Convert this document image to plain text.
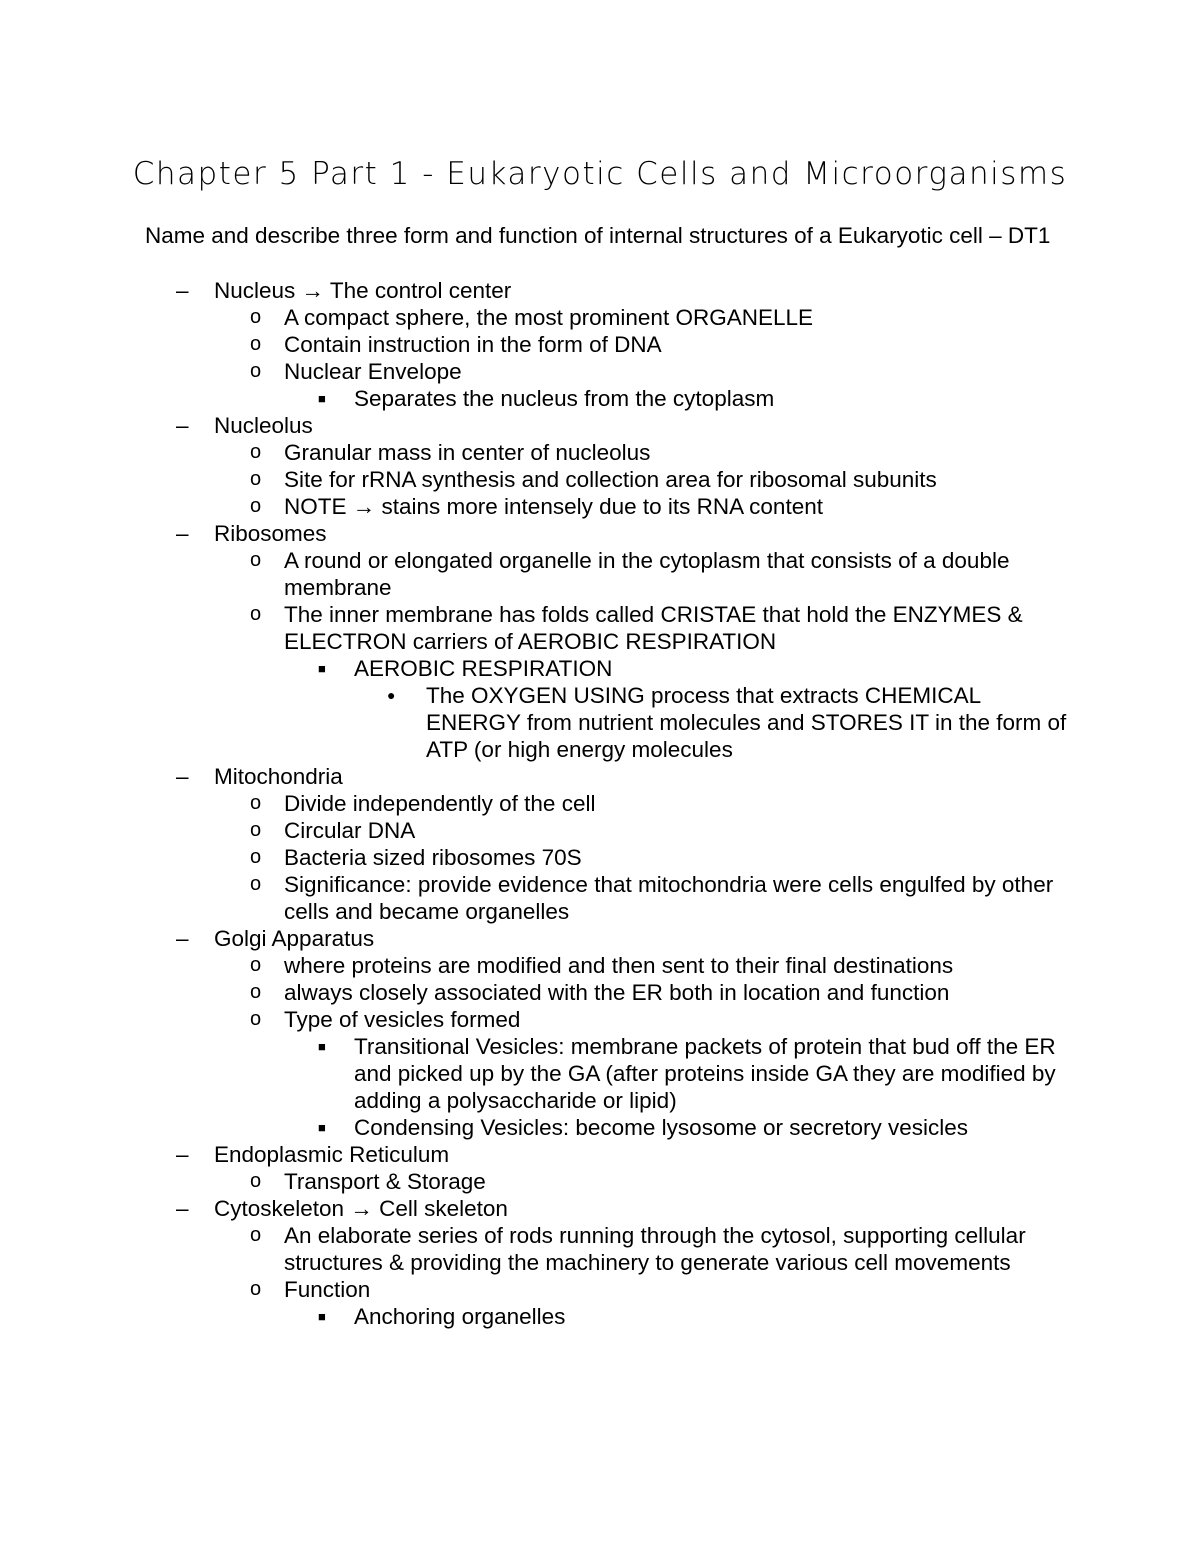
Chapter 5 Part 1 - Eukaryotic Cells and Microorganisms

Name and describe three form and function of internal structures of a Eukaryotic cell – DT1

– Nucleus → The control center
o A compact sphere, the most prominent ORGANELLE
o Contain instruction in the form of DNA
o Nuclear Envelope
■ Separates the nucleus from the cytoplasm
– Nucleolus
o Granular mass in center of nucleolus
o Site for rRNA synthesis and collection area for ribosomal subunits
o NOTE → stains more intensely due to its RNA content
– Ribosomes
o A round or elongated organelle in the cytoplasm that consists of a double membrane
o The inner membrane has folds called CRISTAE that hold the ENZYMES & ELECTRON carriers of AEROBIC RESPIRATION
■ AEROBIC RESPIRATION
● The OXYGEN USING process that extracts CHEMICAL ENERGY from nutrient molecules and STORES IT in the form of ATP (or high energy molecules
– Mitochondria
o Divide independently of the cell
o Circular DNA
o Bacteria sized ribosomes 70S
o Significance: provide evidence that mitochondria were cells engulfed by other cells and became organelles
– Golgi Apparatus
o where proteins are modified and then sent to their final destinations
o always closely associated with the ER both in location and function
o Type of vesicles formed
■ Transitional Vesicles: membrane packets of protein that bud off the ER and picked up by the GA (after proteins inside GA they are modified by adding a polysaccharide or lipid)
■ Condensing Vesicles: become lysosome or secretory vesicles
– Endoplasmic Reticulum
o Transport & Storage
– Cytoskeleton → Cell skeleton
o An elaborate series of rods running through the cytosol, supporting cellular structures & providing the machinery to generate various cell movements
o Function
■ Anchoring organelles
